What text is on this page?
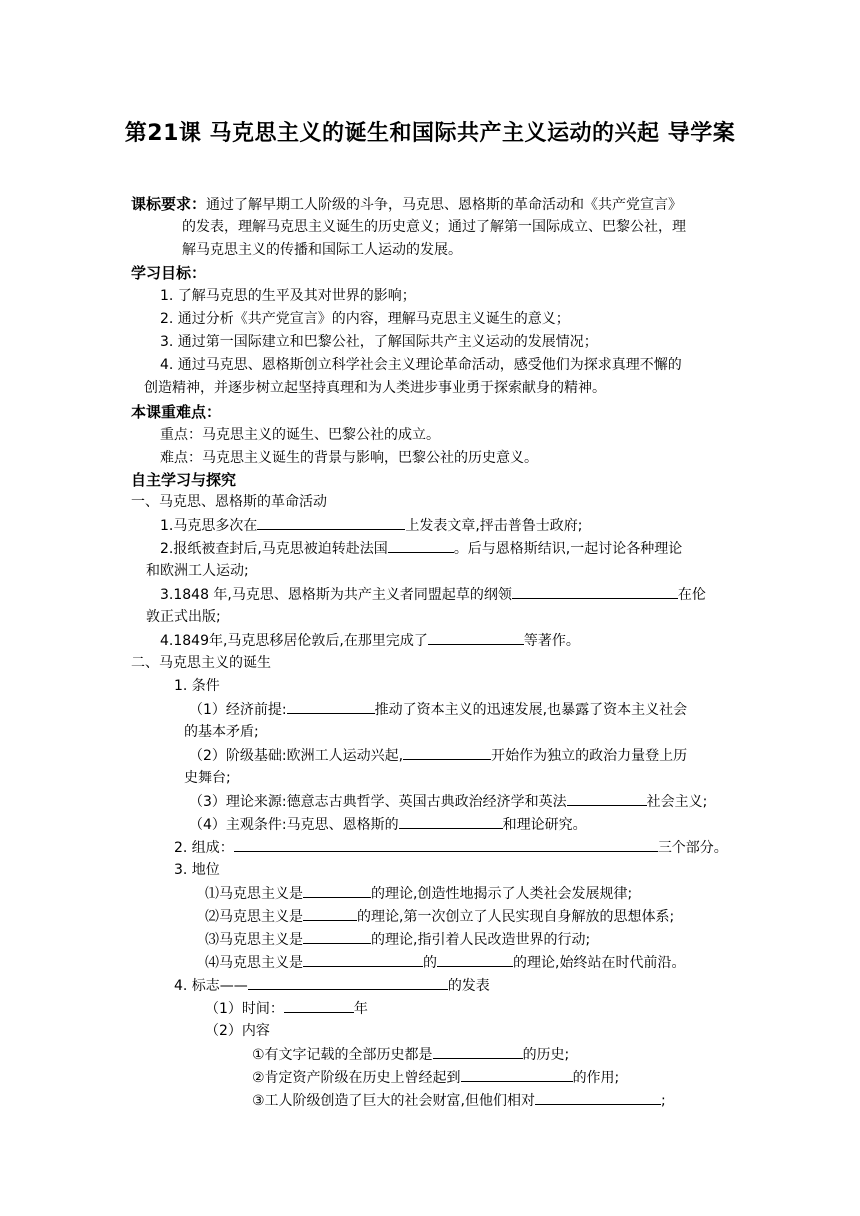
第21课 马克思主义的诞生和国际共产主义运动的兴起 导学案
课标要求：通过了解早期工人阶级的斗争，马克思、恩格斯的革命活动和《共产党宣言》
的发表，理解马克思主义诞生的历史意义；通过了解第一国际成立、巴黎公社，理
解马克思主义的传播和国际工人运动的发展。
学习目标：
1. 了解马克思的生平及其对世界的影响；
2. 通过分析《共产党宣言》的内容，理解马克思主义诞生的意义；
3. 通过第一国际建立和巴黎公社，了解国际共产主义运动的发展情况；
4. 通过马克思、恩格斯创立科学社会主义理论革命活动，感受他们为探求真理不懈的
创造精神，并逐步树立起坚持真理和为人类进步事业勇于探索献身的精神。
本课重难点：
重点：马克思主义的诞生、巴黎公社的成立。
难点：马克思主义诞生的背景与影响，巴黎公社的历史意义。
自主学习与探究
一、马克思、恩格斯的革命活动
1.马克思多次在	上发表文章,抨击普鲁士政府;
2.报纸被查封后,马克思被迫转赴法国	。后与恩格斯结识,一起讨论各种理论
和欧洲工人运动;
3.1848 年,马克思、恩格斯为共产主义者同盟起草的纲领	在伦
敦正式出版;
4.1849年,马克思移居伦敦后,在那里完成了	等著作。
二、马克思主义的诞生
1. 条件
（1）经济前提:	推动了资本主义的迅速发展,也暴露了资本主义社会
的基本矛盾;
（2）阶级基础:欧洲工人运动兴起,	开始作为独立的政治力量登上历
史舞台;
（3）理论来源:德意志古典哲学、英国古典政治经济学和英法	社会主义;
（4）主观条件:马克思、恩格斯的	和理论研究。
2. 组成：	三个部分。
3. 地位
⑴马克思主义是	的理论,创造性地揭示了人类社会发展规律;
⑵马克思主义是	的理论,第一次创立了人民实现自身解放的思想体系;
⑶马克思主义是	的理论,指引着人民改造世界的行动;
⑷马克思主义是	的	的理论,始终站在时代前沿。
4. 标志——	的发表
（1）时间：	年
（2）内容
①有文字记载的全部历史都是	的历史;
②肯定资产阶级在历史上曾经起到	的作用;
③工人阶级创造了巨大的社会财富,但他们相对	;
